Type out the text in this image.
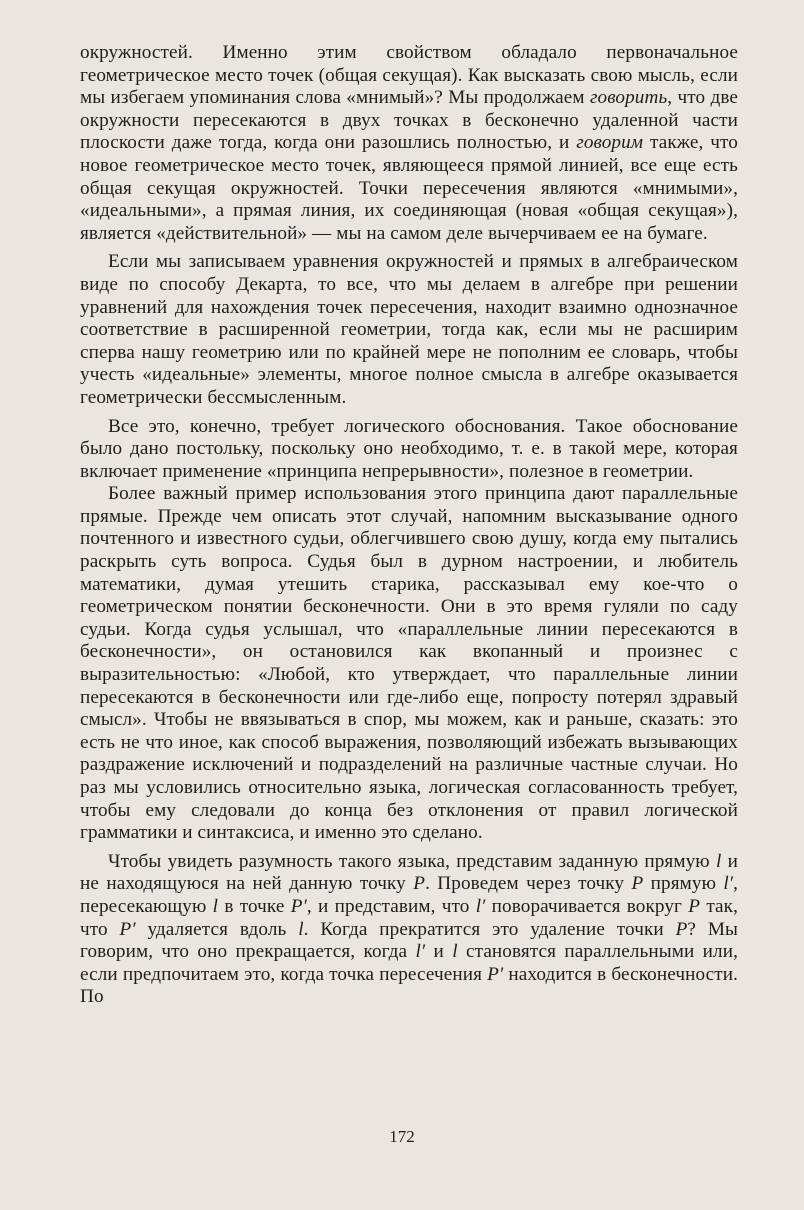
окружностей. Именно этим свойством обладало первоначальное геометрическое место точек (общая секущая). Как высказать свою мысль, если мы избегаем упоминания слова «мнимый»? Мы продолжаем говорить, что две окружности пересекаются в двух точках в бесконечно удаленной части плоскости даже тогда, когда они разошлись полностью, и говорим также, что новое геометрическое место точек, являющееся прямой линией, все еще есть общая секущая окружностей. Точки пересечения являются «мнимыми», «идеальными», а прямая линия, их соединяющая (новая «общая секущая»), является «действительной» — мы на самом деле вычерчиваем ее на бумаге.

Если мы записываем уравнения окружностей и прямых в алгебраическом виде по способу Декарта, то все, что мы делаем в алгебре при решении уравнений для нахождения точек пересечения, находит взаимно однозначное соответствие в расширенной геометрии, тогда как, если мы не расширим сперва нашу геометрию или по крайней мере не пополним ее словарь, чтобы учесть «идеальные» элементы, многое полное смысла в алгебре оказывается геометрически бессмысленным.

Все это, конечно, требует логического обоснования. Такое обоснование было дано постольку, поскольку оно необходимо, т. е. в такой мере, которая включает применение «принципа непрерывности», полезное в геометрии.

Более важный пример использования этого принципа дают параллельные прямые. Прежде чем описать этот случай, напомним высказывание одного почтенного и известного судьи, облегчившего свою душу, когда ему пытались раскрыть суть вопроса. Судья был в дурном настроении, и любитель математики, думая утешить старика, рассказывал ему кое-что о геометрическом понятии бесконечности. Они в это время гуляли по саду судьи. Когда судья услышал, что «параллельные линии пересекаются в бесконечности», он остановился как вкопанный и произнес с выразительностью: «Любой, кто утверждает, что параллельные линии пересекаются в бесконечности или где-либо еще, попросту потерял здравый смысл». Чтобы не ввязываться в спор, мы можем, как и раньше, сказать: это есть не что иное, как способ выражения, позволяющий избежать вызывающих раздражение исключений и подразделений на различные частные случаи. Но раз мы условились относительно языка, логическая согласованность требует, чтобы ему следовали до конца без отклонения от правил логической грамматики и синтаксиса, и именно это сделано.

Чтобы увидеть разумность такого языка, представим заданную прямую l и не находящуюся на ней данную точку P. Проведем через точку P прямую l′, пересекающую l в точке P′, и представим, что l′ поворачивается вокруг P так, что P′ удаляется вдоль l. Когда прекратится это удаление точки P? Мы говорим, что оно прекращается, когда l′ и l становятся параллельными или, если предпочитаем это, когда точка пересечения P′ находится в бесконечности. По

172
